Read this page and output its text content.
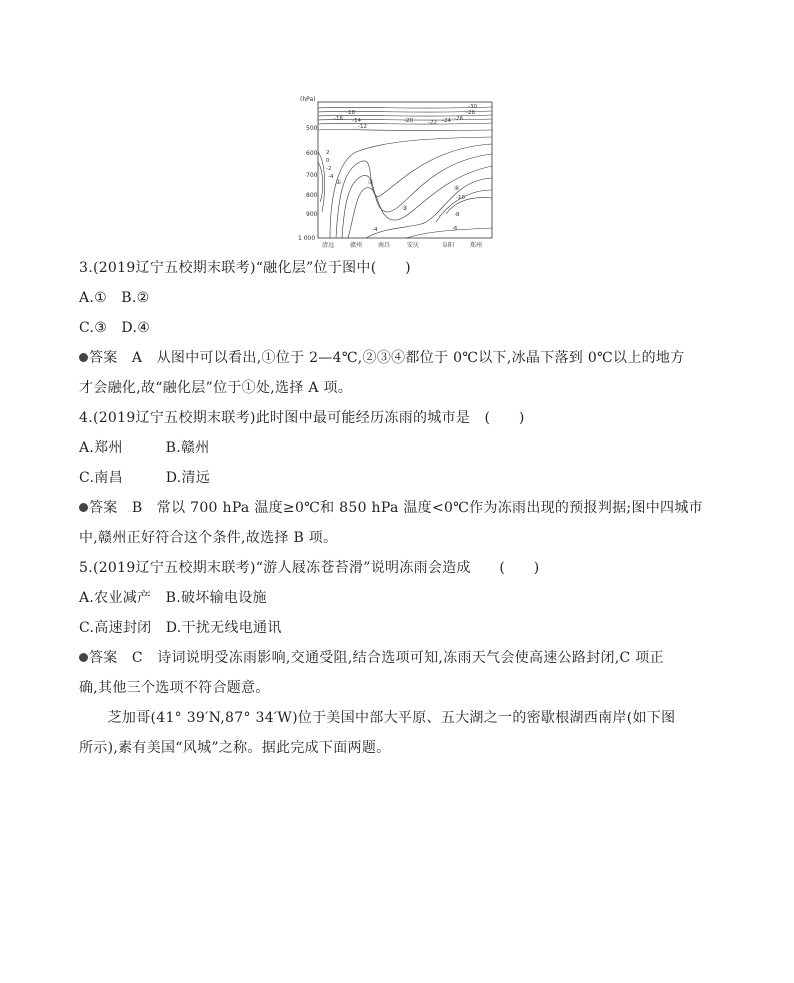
(hPa)
500
600
700
800
900
1 000
清远	赣州	南昌	安庆	阜阳	郑州
-18
-16 -14
-12
-20	-22 -24 -26
-28
-30
2
0
-2
-4
-4	-6
-8
-10
①	②
③
④
3.(2019辽宁五校期末联考)“融化层”位于图中(　　)
A.①　B.②
C.③　D.④
答案　A　从图中可以看出,①位于 2—4℃,②③④都位于 0℃以下,冰晶下落到 0℃以上的地方
才会融化,故“融化层”位于①处,选择 A 项。
4.(2019辽宁五校期末联考)此时图中最可能经历冻雨的城市是　(　　)
A.郑州　　　B.赣州
C.南昌　　　D.清远
答案　B　常以 700 hPa 温度≥0℃和 850 hPa 温度<0℃作为冻雨出现的预报判据;图中四城市
中,赣州正好符合这个条件,故选择 B 项。
5.(2019辽宁五校期末联考)“游人屐冻苍苔滑”说明冻雨会造成　　(　　)
A.农业减产　B.破坏输电设施
C.高速封闭　D.干扰无线电通讯
答案　C　诗词说明受冻雨影响,交通受阻,结合选项可知,冻雨天气会使高速公路封闭,C 项正
确,其他三个选项不符合题意。
　　芝加哥(41° 39′N,87° 34′W)位于美国中部大平原、五大湖之一的密歇根湖西南岸(如下图
所示),素有美国“风城”之称。据此完成下面两题。
